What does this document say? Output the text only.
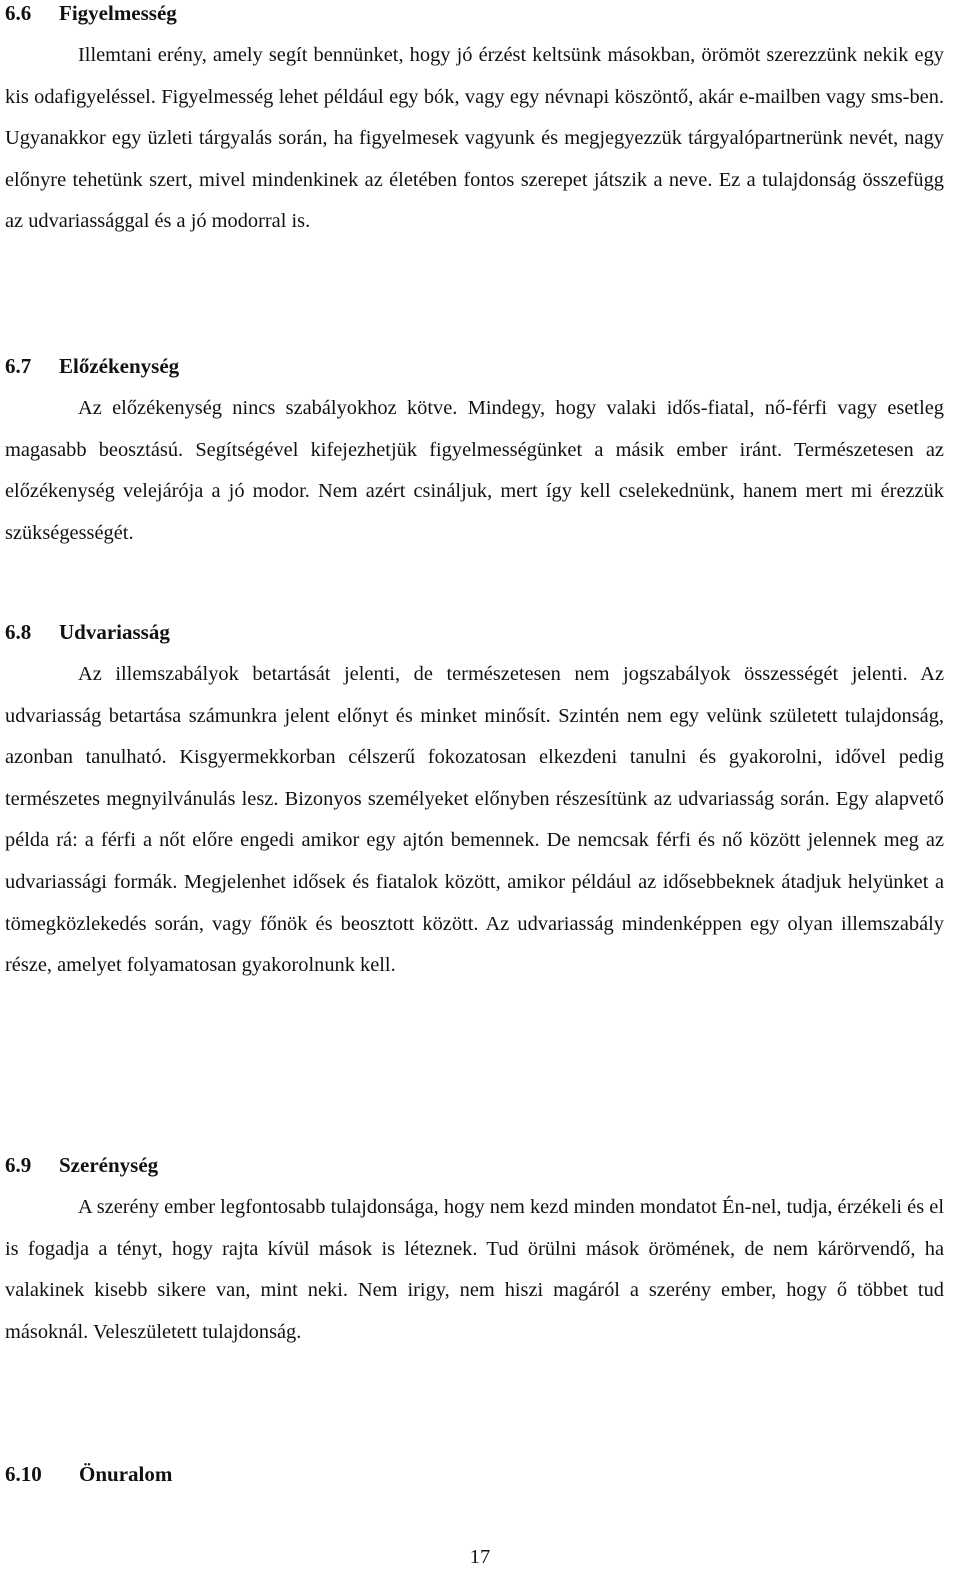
6.6 Figyelmesség

Illemtani erény, amely segít bennünket, hogy jó érzést keltsünk másokban, örömöt szerezzünk nekik egy kis odafigyeléssel. Figyelmesség lehet például egy bók, vagy egy névnapi köszöntő, akár e-mailben vagy sms-ben. Ugyanakkor egy üzleti tárgyalás során, ha figyelmesek vagyunk és megjegyezzük tárgyalópartnerünk nevét, nagy előnyre tehetünk szert, mivel mindenkinek az életében fontos szerepet játszik a neve. Ez a tulajdonság összefügg az udvariassággal és a jó modorral is.

6.7 Előzékenység

Az előzékenység nincs szabályokhoz kötve. Mindegy, hogy valaki idős-fiatal, nő-férfi vagy esetleg magasabb beosztású. Segítségével kifejezhetjük figyelmességünket a másik ember iránt. Természetesen az előzékenység velejárója a jó modor. Nem azért csináljuk, mert így kell cselekednünk, hanem mert mi érezzük szükségességét.

6.8 Udvariasság

Az illemszabályok betartását jelenti, de természetesen nem jogszabályok összességét jelenti. Az udvariasság betartása számunkra jelent előnyt és minket minősít. Szintén nem egy velünk született tulajdonság, azonban tanulható. Kisgyermekkorban célszerű fokozatosan elkezdeni tanulni és gyakorolni, idővel pedig természetes megnyilvánulás lesz. Bizonyos személyeket előnyben részesítünk az udvariasság során. Egy alapvető példa rá: a férfi a nőt előre engedi amikor egy ajtón bemennek. De nemcsak férfi és nő között jelennek meg az udvariassági formák. Megjelenhet idősek és fiatalok között, amikor például az idősebbeknek átadjuk helyünket a tömegközlekedés során, vagy főnök és beosztott között. Az udvariasság mindenképpen egy olyan illemszabály része, amelyet folyamatosan gyakorolnunk kell.

6.9 Szerénység

A szerény ember legfontosabb tulajdonsága, hogy nem kezd minden mondatot Én-nel, tudja, érzékeli és el is fogadja a tényt, hogy rajta kívül mások is léteznek. Tud örülni mások örömének, de nem kárörvendő, ha valakinek kisebb sikere van, mint neki. Nem irigy, nem hiszi magáról a szerény ember, hogy ő többet tud másoknál. Veleszületett tulajdonság.

6.10 Önuralom
17
